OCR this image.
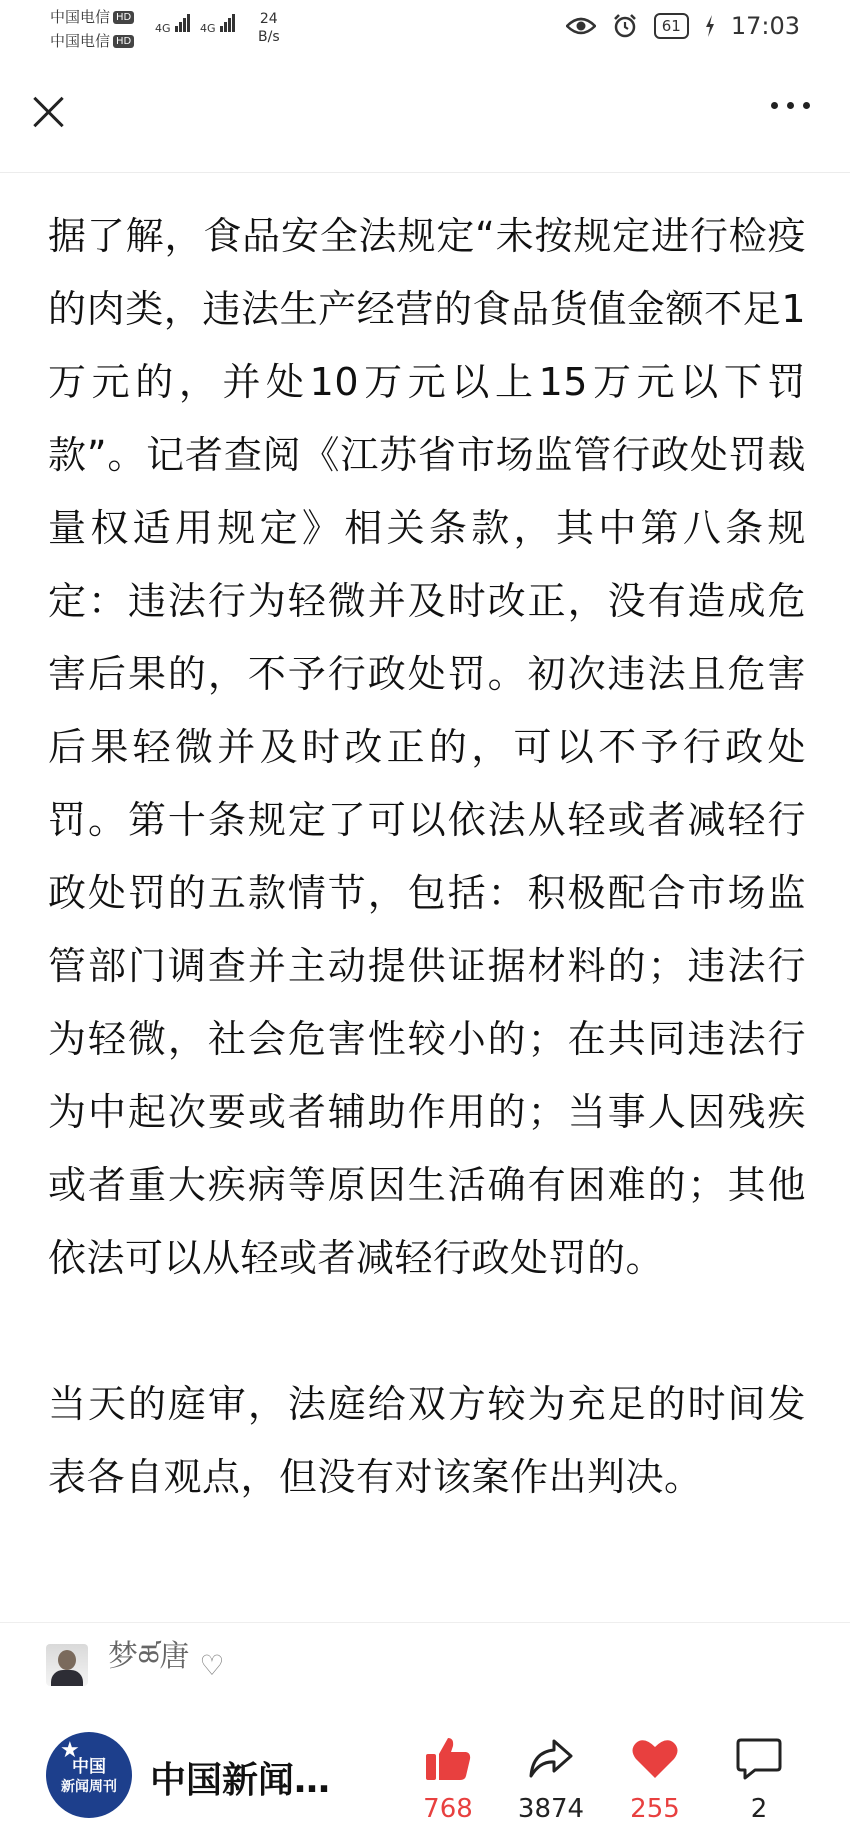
中国电信 HD
中国电信 HD
4G	4G
24
B/s
61	17:03

据了解，食品安全法规定“未按规定进行检疫的肉类，违法生产经营的食品货值金额不足1万元的，并处10万元以上15万元以下罚款”。记者查阅《江苏省市场监管行政处罚裁量权适用规定》相关条款，其中第八条规定：违法行为轻微并及时改正，没有造成危害后果的，不予行政处罚。初次违法且危害后果轻微并及时改正的，可以不予行政处罚。第十条规定了可以依法从轻或者减轻行政处罚的五款情节，包括：积极配合市场监管部门调查并主动提供证据材料的；违法行为轻微，社会危害性较小的；在共同违法行为中起次要或者辅助作用的；当事人因残疾或者重大疾病等原因生活确有困难的；其他依法可以从轻或者减轻行政处罚的。

当天的庭审，法庭给双方较为充足的时间发表各自观点，但没有对该案作出判决。

梦ཚ唐 ♡
★
中国
新闻周刊 中国新闻…
768	3874	255	2
